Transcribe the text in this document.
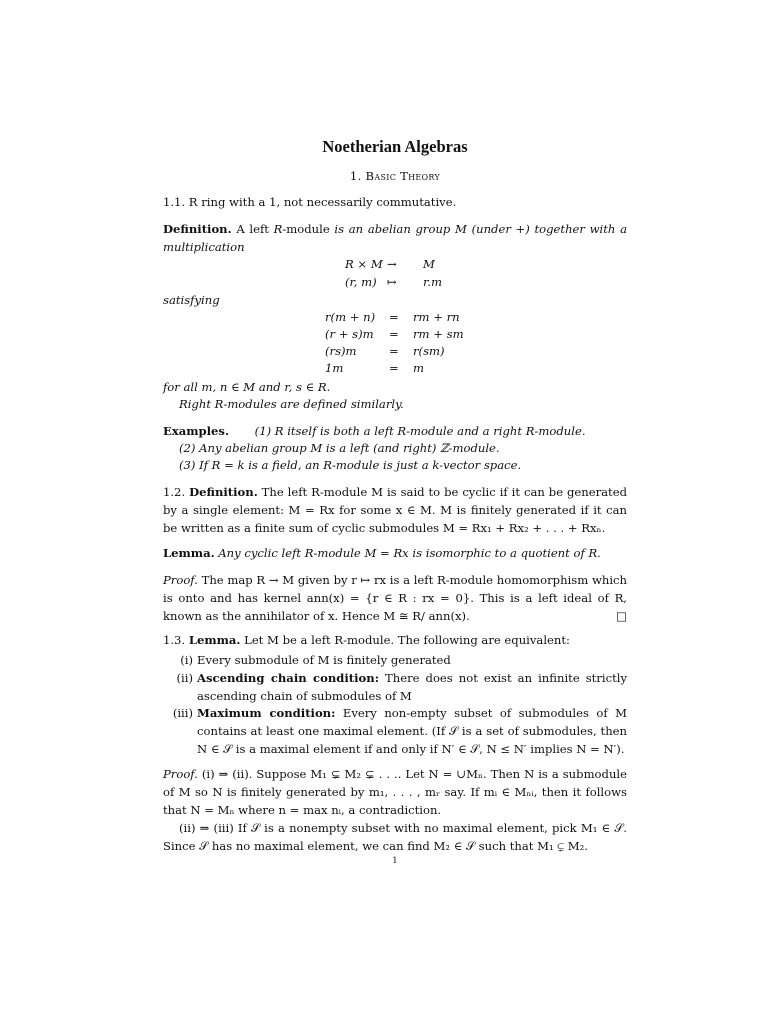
Noetherian Algebras
1. Basic Theory
1.1. R ring with a 1, not necessarily commutative.
Definition. A left R-module is an abelian group M (under +) together with a multiplication
R × M → M
(r, m) ↦ r.m
satisfying
r(m + n) = rm + rn
(r + s)m = rm + sm
(rs)m	= r(sm)
1m	= m
for all m, n ∈ M and r, s ∈ R.
Right R-modules are defined similarly.
Examples. (1) R itself is both a left R-module and a right R-module.
(2) Any abelian group M is a left (and right) ℤ-module.
(3) If R = k is a field, an R-module is just a k-vector space.
1.2. Definition. The left R-module M is said to be cyclic if it can be generated by a single element: M = Rx for some x ∈ M. M is finitely generated if it can be written as a finite sum of cyclic submodules M = Rx₁ + Rx₂ + . . . + Rxₙ.
Lemma. Any cyclic left R-module M = Rx is isomorphic to a quotient of R.
Proof. The map R → M given by r ↦ rx is a left R-module homomorphism which is onto and has kernel ann(x) = {r ∈ R : rx = 0}. This is a left ideal of R, known as the annihilator of x. Hence M ≅ R/ ann(x).	□
1.3. Lemma. Let M be a left R-module. The following are equivalent:
(i) Every submodule of M is finitely generated
(ii) Ascending chain condition: There does not exist an infinite strictly ascending chain of submodules of M
(iii) Maximum condition: Every non-empty subset of submodules of M contains at least one maximal element. (If 𝒮 is a set of submodules, then N ∈ 𝒮 is a maximal element if and only if N′ ∈ 𝒮, N ≤ N′ implies N = N′).
Proof. (i) ⇒ (ii). Suppose M₁ ⊊ M₂ ⊊ . . .. Let N = ∪Mₙ. Then N is a submodule of M so N is finitely generated by m₁, . . . , mᵣ say. If mᵢ ∈ Mₙᵢ, then it follows that N = Mₙ where n = max nᵢ, a contradiction.
(ii) ⇒ (iii) If 𝒮 is a nonempty subset with no maximal element, pick M₁ ∈ 𝒮. Since 𝒮 has no maximal element, we can find M₂ ∈ 𝒮 such that M₁ ⊊ M₂.
1
